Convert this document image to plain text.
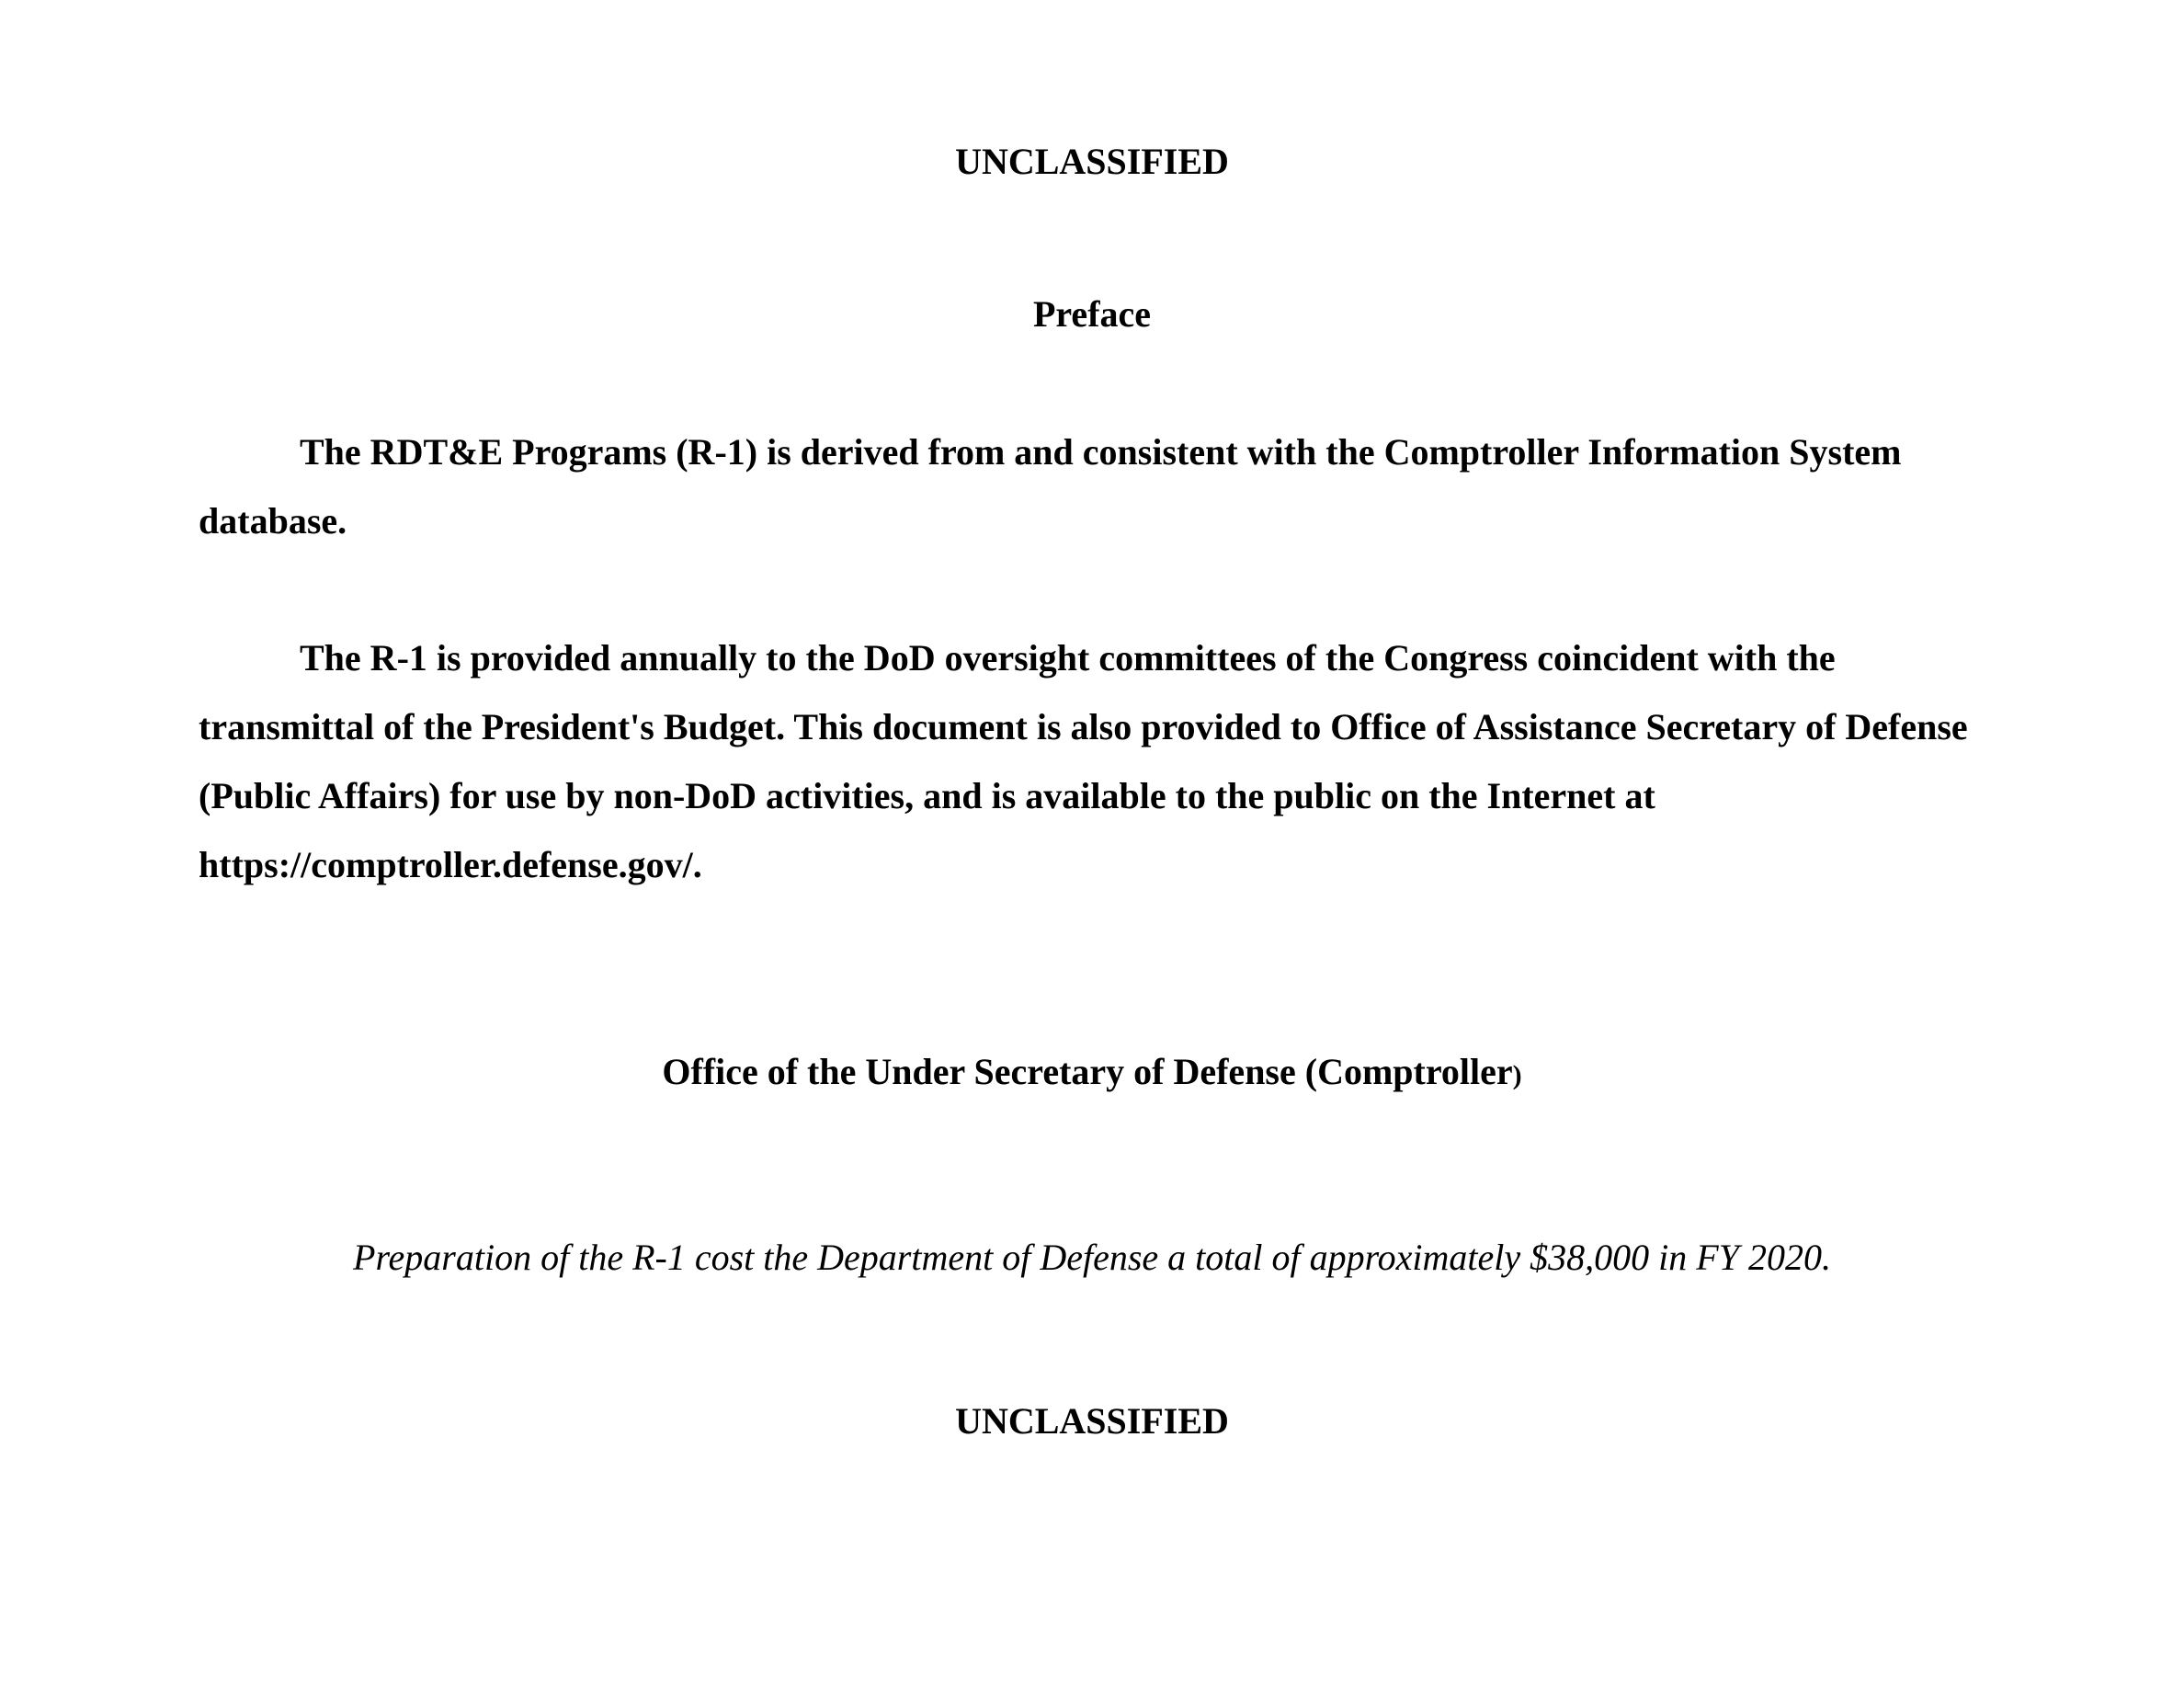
UNCLASSIFIED

Preface

The RDT&E Programs (R-1) is derived from and consistent with the Comptroller Information System database.

The R-1 is provided annually to the DoD oversight committees of the Congress coincident with the transmittal of the President's Budget. This document is also provided to Office of Assistance Secretary of Defense (Public Affairs) for use by non-DoD activities, and is available to the public on the Internet at https://comptroller.defense.gov/.

Office of the Under Secretary of Defense (Comptroller)

Preparation of the R-1 cost the Department of Defense a total of approximately $38,000 in FY 2020.

UNCLASSIFIED
